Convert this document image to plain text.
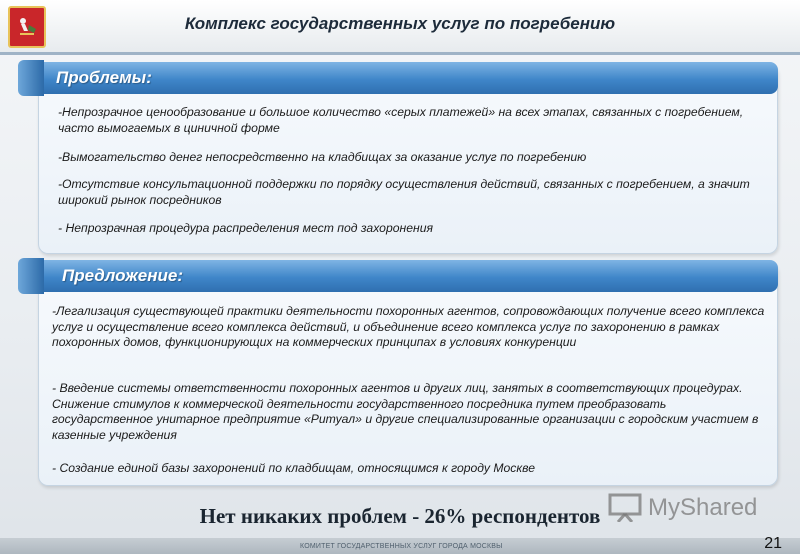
Комплекс государственных услуг по погребению
Проблемы:
-Непрозрачное ценообразование и большое количество «серых платежей» на всех этапах, связанных с погребением, часто вымогаемых в циничной форме
-Вымогательство денег непосредственно на кладбищах за оказание услуг по погребению
-Отсутствие консультационной поддержки по порядку осуществления действий, связанных с погребением, а значит широкий рынок посредников
- Непрозрачная процедура распределения мест под захоронения
Предложение:
-Легализация существующей практики деятельности похоронных агентов, сопровождающих получение всего комплекса услуг и осуществление всего комплекса действий, и объединение всего комплекса услуг по захоронению в рамках похоронных домов, функционирующих на коммерческих принципах в условиях конкуренции
- Введение системы ответственности похоронных агентов и других лиц, занятых в соответствующих процедурах. Снижение стимулов к коммерческой деятельности государственного посредника путем преобразовать государственное унитарное предприятие «Ритуал» и другие специализированные организации с городским участием в казенные учреждения
- Создание единой базы захоронений по кладбищам, относящимся к городу Москве
Нет никаких проблем - 26% респондентов	MyShared
КОМИТЕТ ГОСУДАРСТВЕННЫХ УСЛУГ ГОРОДА МОСКВЫ	21
